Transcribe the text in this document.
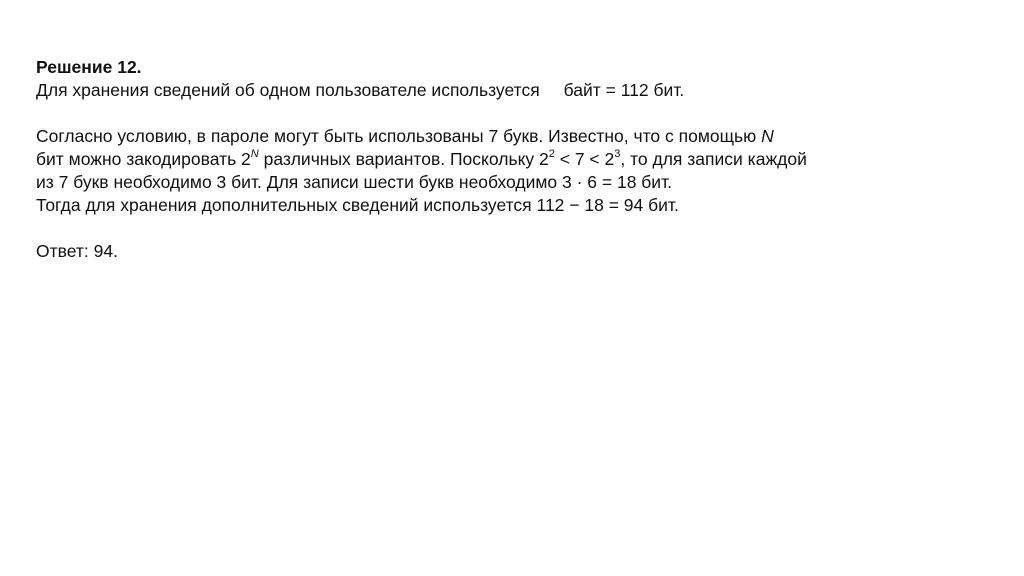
Решение 12.

Для хранения сведений об одном пользователе используется байт = 112 бит.

Согласно условию, в пароле могут быть использованы 7 букв. Известно, что с помощью N

бит можно закодировать $2^N$ различных вариантов. Поскольку $2^2 < 7 < 2^3$, то для записи каждой

из 7 букв необходимо 3 бит. Для записи шести букв необходимо 3 · 6 = 18 бит.

Тогда для хранения дополнительных сведений используется 112 − 18 = 94 бит.

Ответ: 94.
